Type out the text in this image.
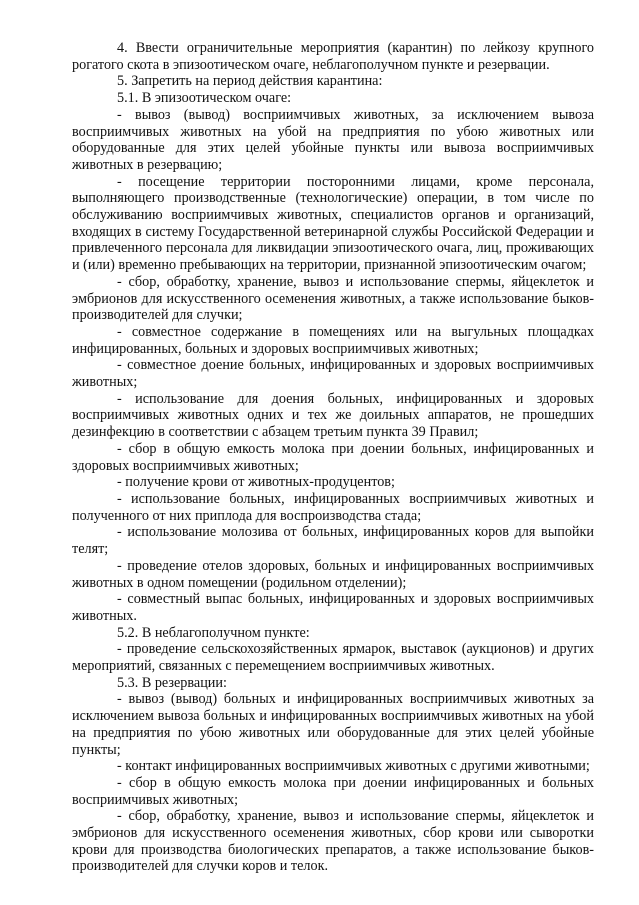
4. Ввести ограничительные мероприятия (карантин) по лейкозу крупного рогатого скота в эпизоотическом очаге, неблагополучном пункте и резервации.

5. Запретить на период действия карантина:

5.1. В эпизоотическом очаге:

- вывоз (вывод) восприимчивых животных, за исключением вывоза восприимчивых животных на убой на предприятия по убою животных или оборудованные для этих целей убойные пункты или вывоза восприимчивых животных в резервацию;

- посещение территории посторонними лицами, кроме персонала, выполняющего производственные (технологические) операции, в том числе по обслуживанию восприимчивых животных, специалистов органов и организаций, входящих в систему Государственной ветеринарной службы Российской Федерации и привлеченного персонала для ликвидации эпизоотического очага, лиц, проживающих и (или) временно пребывающих на территории, признанной эпизоотическим очагом;

- сбор, обработку, хранение, вывоз и использование спермы, яйцеклеток и эмбрионов для искусственного осеменения животных, а также использование быков-производителей для случки;

- совместное содержание в помещениях или на выгульных площадках инфицированных, больных и здоровых восприимчивых животных;

- совместное доение больных, инфицированных и здоровых восприимчивых животных;

- использование для доения больных, инфицированных и здоровых восприимчивых животных одних и тех же доильных аппаратов, не прошедших дезинфекцию в соответствии с абзацем третьим пункта 39 Правил;

- сбор в общую емкость молока при доении больных, инфицированных и здоровых восприимчивых животных;

- получение крови от животных-продуцентов;

- использование больных, инфицированных восприимчивых животных и полученного от них приплода для воспроизводства стада;

- использование молозива от больных, инфицированных коров для выпойки телят;

- проведение отелов здоровых, больных и инфицированных восприимчивых животных в одном помещении (родильном отделении);

- совместный выпас больных, инфицированных и здоровых восприимчивых животных.

5.2. В неблагополучном пункте:

- проведение сельскохозяйственных ярмарок, выставок (аукционов) и других мероприятий, связанных с перемещением восприимчивых животных.

5.3. В резервации:

- вывоз (вывод) больных и инфицированных восприимчивых животных за исключением вывоза больных и инфицированных восприимчивых животных на убой на предприятия по убою животных или оборудованные для этих целей убойные пункты;

- контакт инфицированных восприимчивых животных с другими животными;

- сбор в общую емкость молока при доении инфицированных и больных восприимчивых животных;

- сбор, обработку, хранение, вывоз и использование спермы, яйцеклеток и эмбрионов для искусственного осеменения животных, сбор крови или сыворотки крови для производства биологических препаратов, а также использование быков-производителей для случки коров и телок.
